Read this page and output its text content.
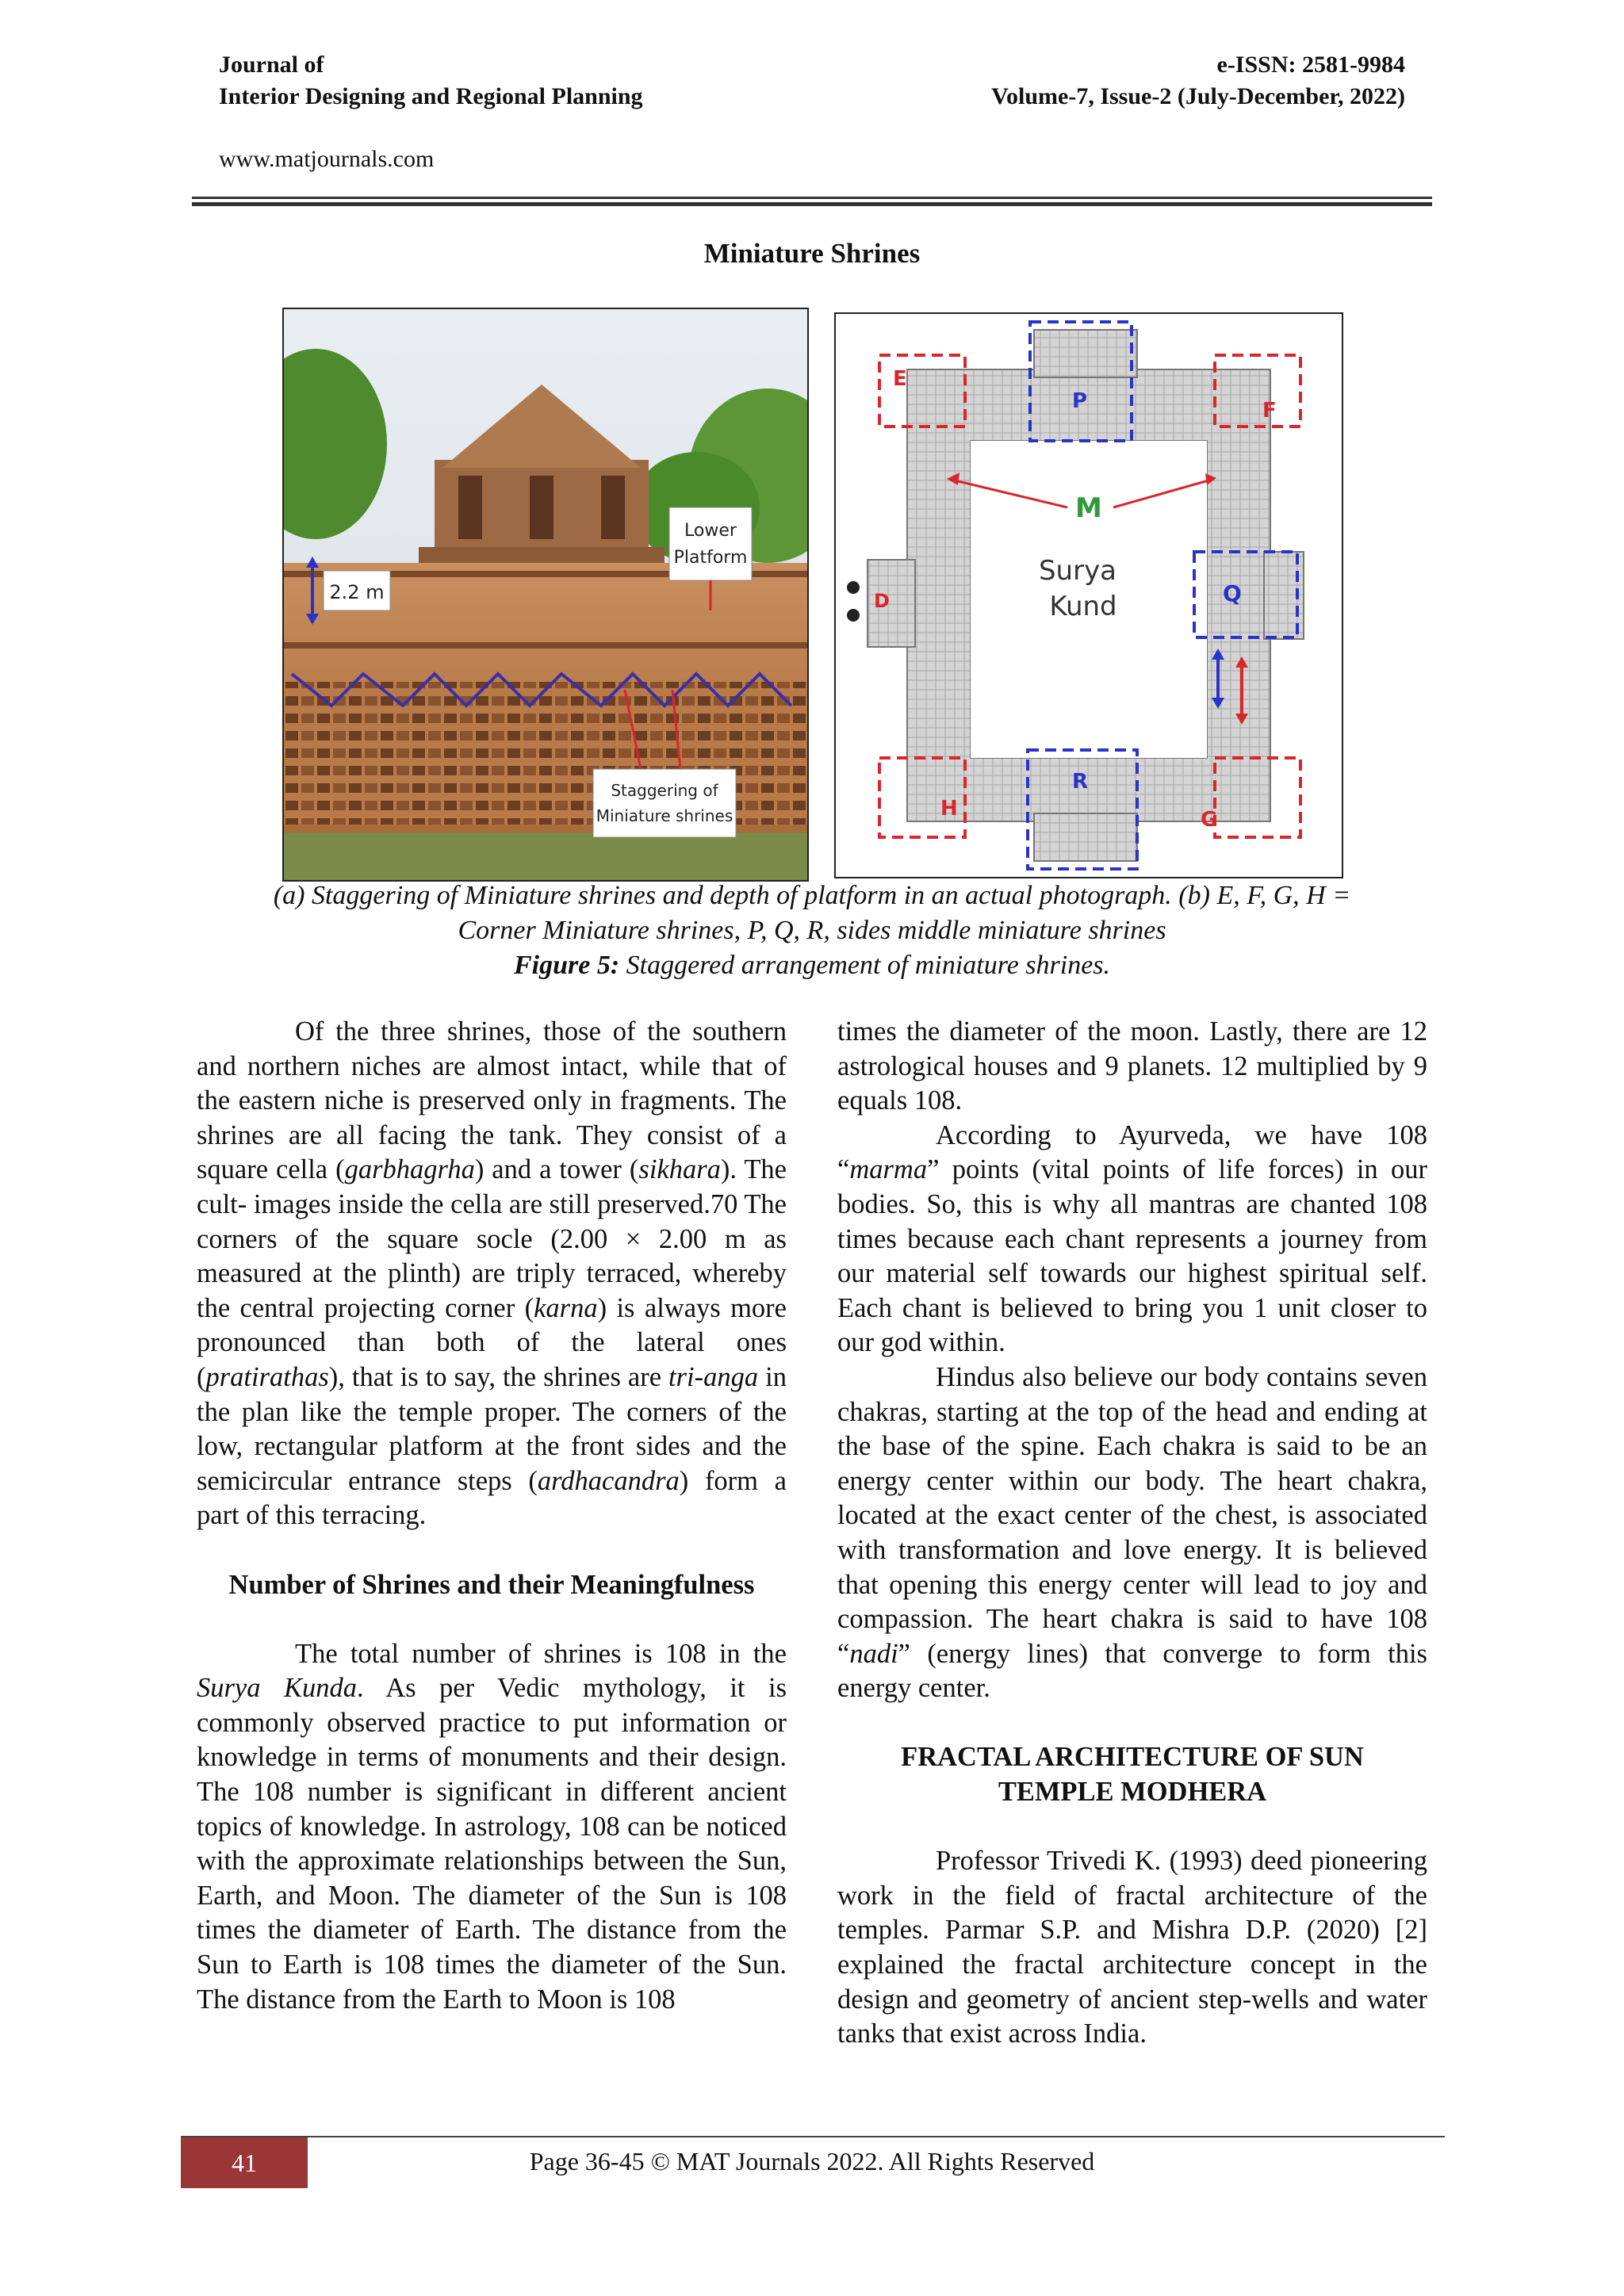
Journal of
Interior Designing and Regional Planning
e-ISSN: 2581-9984
Volume-7, Issue-2 (July-December, 2022)
www.matjournals.com
Miniature Shrines
2.2 m
Lower
Platform
Staggering of
Miniature shrines
E
F
G
H
P
Q
R
D
M
Surya
Kund
(a) Staggering of Miniature shrines and depth of platform in an actual photograph. (b) E, F, G, H =
Corner Miniature shrines, P, Q, R, sides middle miniature shrines
Figure 5: Staggered arrangement of miniature shrines.

Of the three shrines, those of the southern and northern niches are almost intact, while that of the eastern niche is preserved only in fragments. The shrines are all facing the tank. They consist of a square cella (garbhagrha) and a tower (sikhara). The cult- images inside the cella are still preserved.70 The corners of the square socle (2.00 × 2.00 m as measured at the plinth) are triply terraced, whereby the central projecting corner (karna) is always more pronounced than both of the lateral ones (pratirathas), that is to say, the shrines are tri-anga in the plan like the temple proper. The corners of the low, rectangular platform at the front sides and the semicircular entrance steps (ardhacandra) form a part of this terracing.

Number of Shrines and their Meaningfulness

The total number of shrines is 108 in the Surya Kunda. As per Vedic mythology, it is commonly observed practice to put information or knowledge in terms of monuments and their design. The 108 number is significant in different ancient topics of knowledge. In astrology, 108 can be noticed with the approximate relationships between the Sun, Earth, and Moon. The diameter of the Sun is 108 times the diameter of Earth. The distance from the Sun to Earth is 108 times the diameter of the Sun. The distance from the Earth to Moon is 108

times the diameter of the moon. Lastly, there are 12 astrological houses and 9 planets. 12 multiplied by 9 equals 108.

According to Ayurveda, we have 108 “marma” points (vital points of life forces) in our bodies. So, this is why all mantras are chanted 108 times because each chant represents a journey from our material self towards our highest spiritual self. Each chant is believed to bring you 1 unit closer to our god within.

Hindus also believe our body contains seven chakras, starting at the top of the head and ending at the base of the spine. Each chakra is said to be an energy center within our body. The heart chakra, located at the exact center of the chest, is associated with transformation and love energy. It is believed that opening this energy center will lead to joy and compassion. The heart chakra is said to have 108 “nadi” (energy lines) that converge to form this energy center.

FRACTAL ARCHITECTURE OF SUN
TEMPLE MODHERA

Professor Trivedi K. (1993) deed pioneering work in the field of fractal architecture of the temples. Parmar S.P. and Mishra D.P. (2020) [2] explained the fractal architecture concept in the design and geometry of ancient step-wells and water tanks that exist across India.

41	Page 36-45 © MAT Journals 2022. All Rights Reserved
